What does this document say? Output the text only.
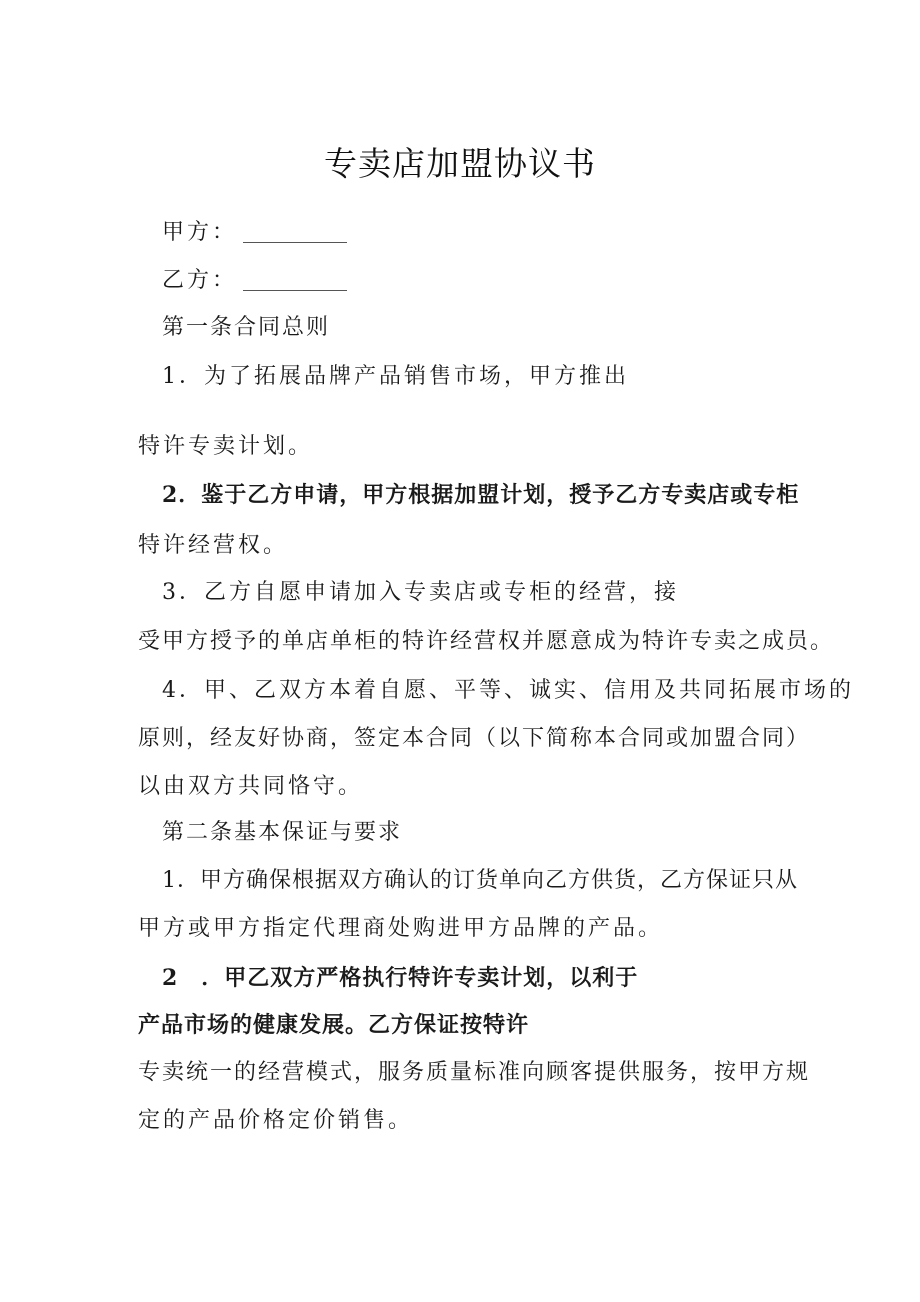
专卖店加盟协议书
甲方：
乙方：
第一条合同总则
1．为了拓展品牌产品销售市场，甲方推出
特许专卖计划。
2．鉴于乙方申请，甲方根据加盟计划，授予乙方专卖店或专柜
特许经营权。
3．乙方自愿申请加入专卖店或专柜的经营，接
受甲方授予的单店单柜的特许经营权并愿意成为特许专卖之成员。
4．甲、乙双方本着自愿、平等、诚实、信用及共同拓展市场的
原则，经友好协商，签定本合同（以下简称本合同或加盟合同）
以由双方共同恪守。
第二条基本保证与要求
1．甲方确保根据双方确认的订货单向乙方供货，乙方保证只从
甲方或甲方指定代理商处购进甲方品牌的产品。
2　．甲乙双方严格执行特许专卖计划，以利于
产品市场的健康发展。乙方保证按特许
专卖统一的经营模式，服务质量标准向顾客提供服务，按甲方规
定的产品价格定价销售。
